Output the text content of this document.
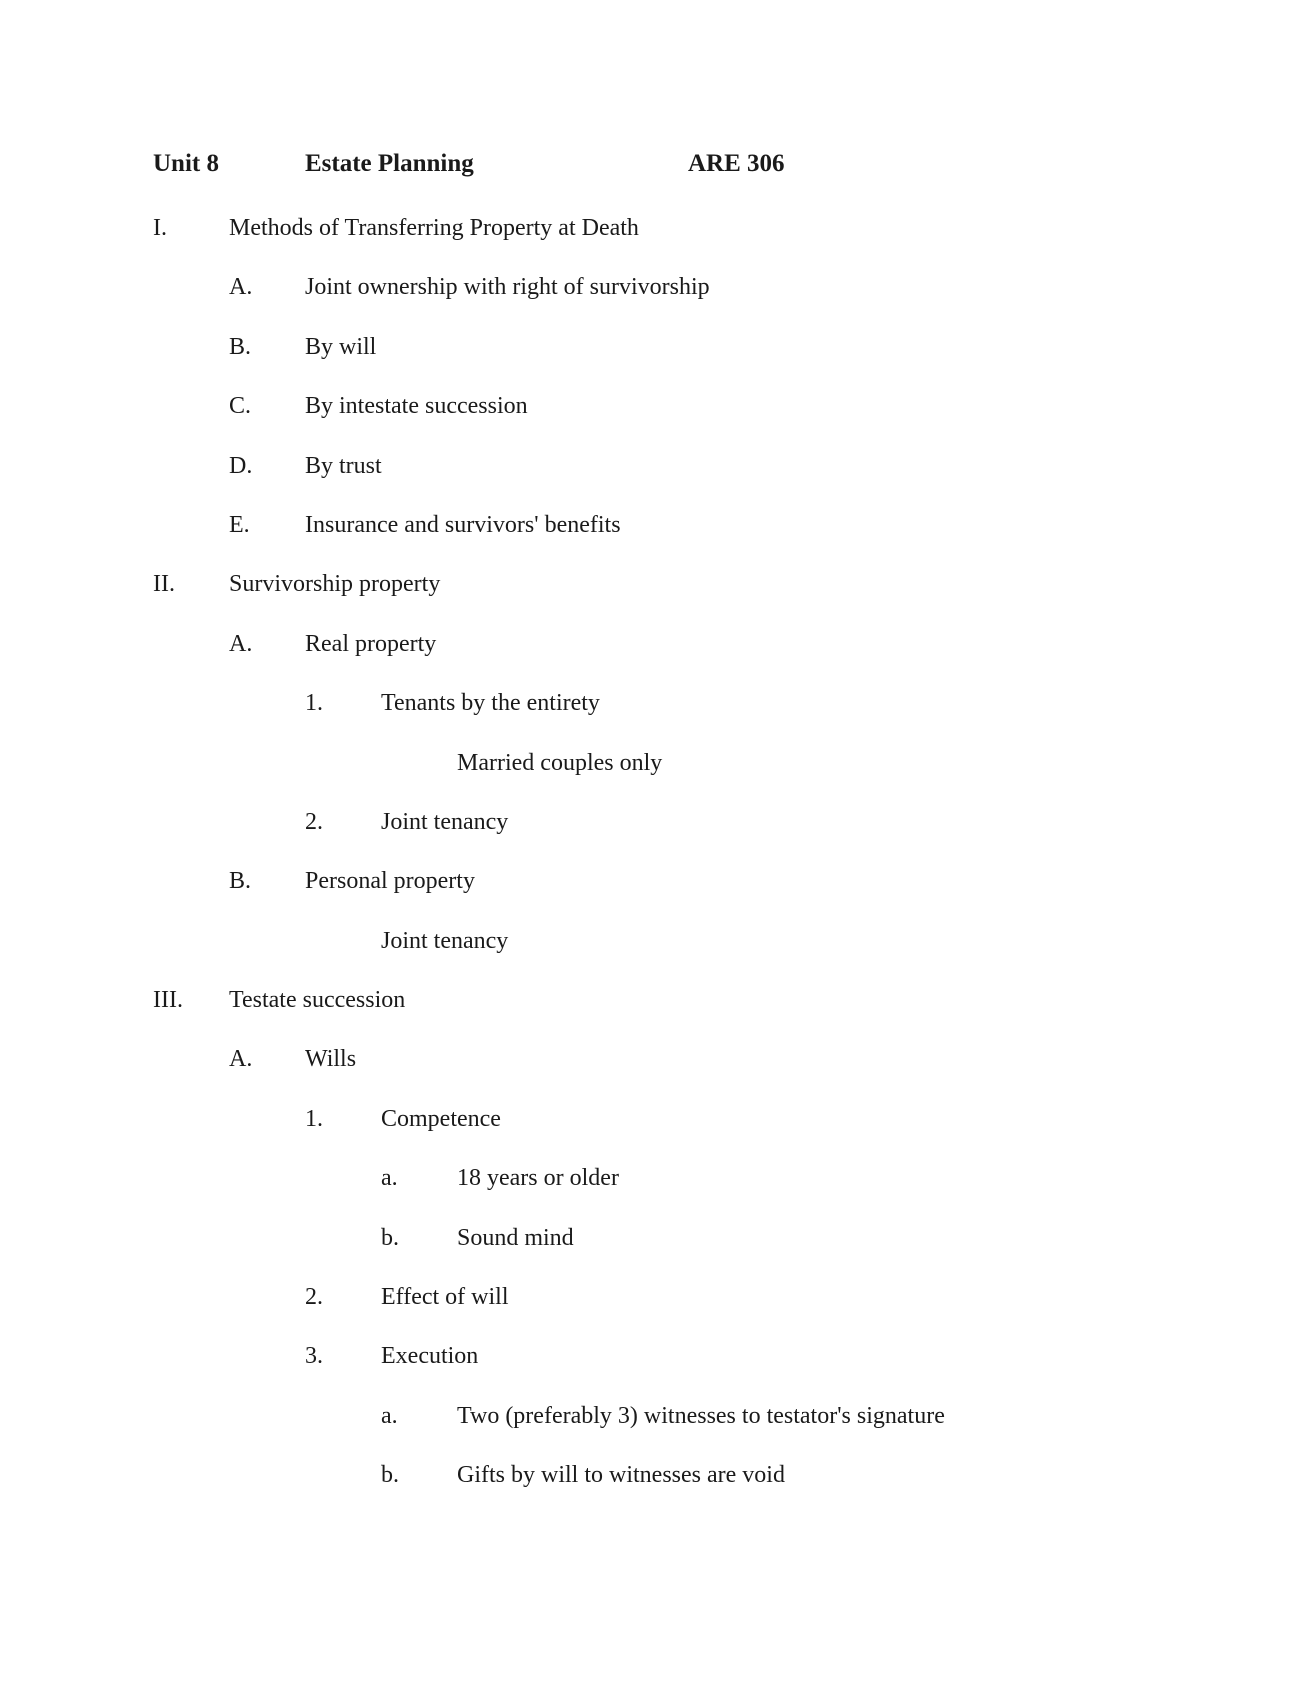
Unit 8	Estate Planning	ARE 306
I.	Methods of Transferring Property at Death
A. Joint ownership with right of survivorship
B. By will
C. By intestate succession
D. By trust
E. Insurance and survivors' benefits
II. Survivorship property
A. Real property
1. Tenants by the entirety
Married couples only
2. Joint tenancy
B. Personal property
Joint tenancy
III. Testate succession
A. Wills
1. Competence
a. 18 years or older
b. Sound mind
2. Effect of will
3. Execution
a. Two (preferably 3) witnesses to testator's signature
b. Gifts by will to witnesses are void
